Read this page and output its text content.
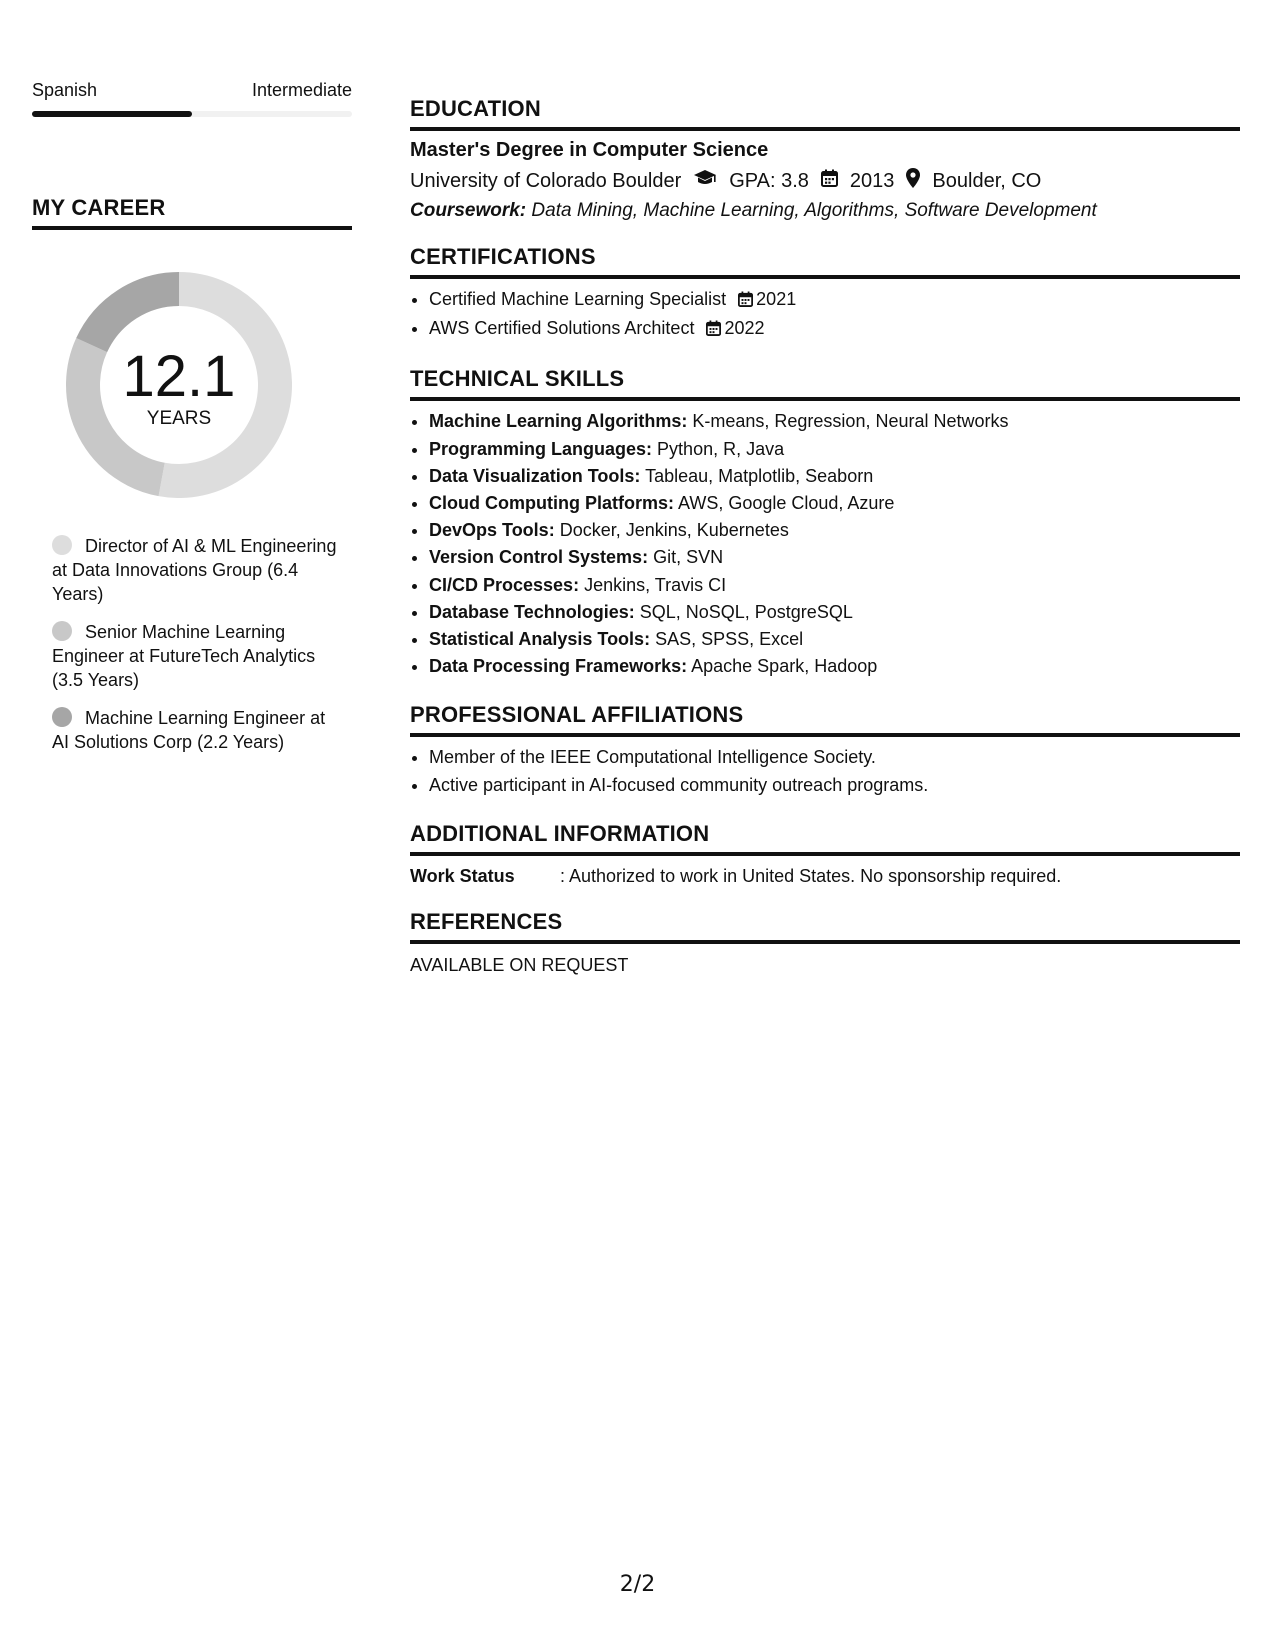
Spanish	Intermediate
MY CAREER
12.1
YEARS
Director of AI & ML Engineering at Data Innovations Group (6.4 Years)
Senior Machine Learning Engineer at FutureTech Analytics (3.5 Years)
Machine Learning Engineer at AI Solutions Corp (2.2 Years)
EDUCATION
Master's Degree in Computer Science
University of Colorado Boulder GPA: 3.8 2013 Boulder, CO
Coursework: Data Mining, Machine Learning, Algorithms, Software Development
CERTIFICATIONS
• Certified Machine Learning Specialist 2021
• AWS Certified Solutions Architect 2022
TECHNICAL SKILLS
• Machine Learning Algorithms: K-means, Regression, Neural Networks
• Programming Languages: Python, R, Java
• Data Visualization Tools: Tableau, Matplotlib, Seaborn
• Cloud Computing Platforms: AWS, Google Cloud, Azure
• DevOps Tools: Docker, Jenkins, Kubernetes
• Version Control Systems: Git, SVN
• CI/CD Processes: Jenkins, Travis CI
• Database Technologies: SQL, NoSQL, PostgreSQL
• Statistical Analysis Tools: SAS, SPSS, Excel
• Data Processing Frameworks: Apache Spark, Hadoop
PROFESSIONAL AFFILIATIONS
• Member of the IEEE Computational Intelligence Society.
• Active participant in AI-focused community outreach programs.
ADDITIONAL INFORMATION
Work Status	: Authorized to work in United States. No sponsorship required.
REFERENCES
AVAILABLE ON REQUEST
2/2
